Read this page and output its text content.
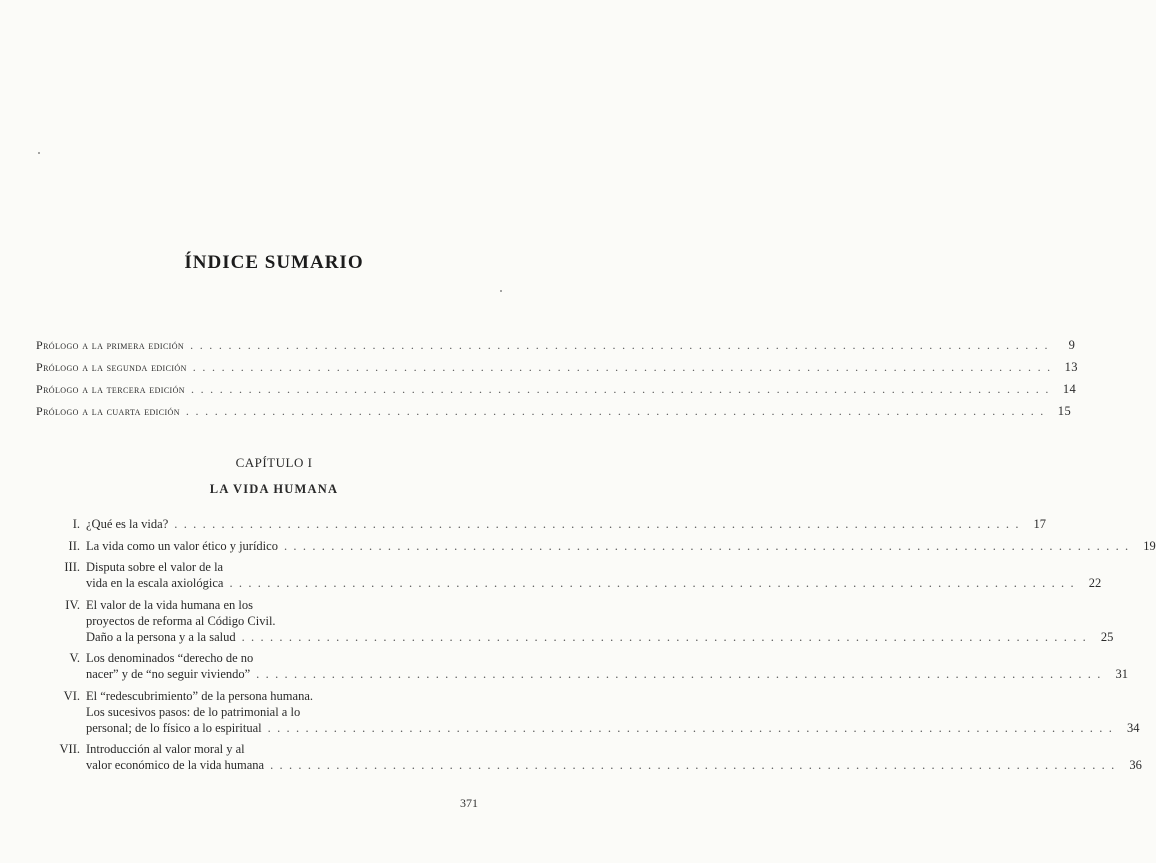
ÍNDICE SUMARIO
Prólogo a la primera edición . . .	9
Prólogo a la segunda edición . . .	13
Prólogo a la tercera edición . . .	14
Prólogo a la cuarta edición . . .	15
CAPÍTULO I
LA VIDA HUMANA
I. ¿Qué es la vida? . . .	17
II. La vida como un valor ético y jurídico . . .	19
III. Disputa sobre el valor de la
vida en la escala axiológica . . .	22
IV. El valor de la vida humana en los
proyectos de reforma al Código Civil.
Daño a la persona y a la salud . . .	25
V. Los denominados “derecho de no
nacer” y de “no seguir viviendo” . . .	31
VI. El “redescubrimiento” de la persona humana.
Los sucesivos pasos: de lo patrimonial a lo
personal; de lo físico a lo espiritual . . .	34
VII. Introducción al valor moral y al
valor económico de la vida humana . . .	36
371
